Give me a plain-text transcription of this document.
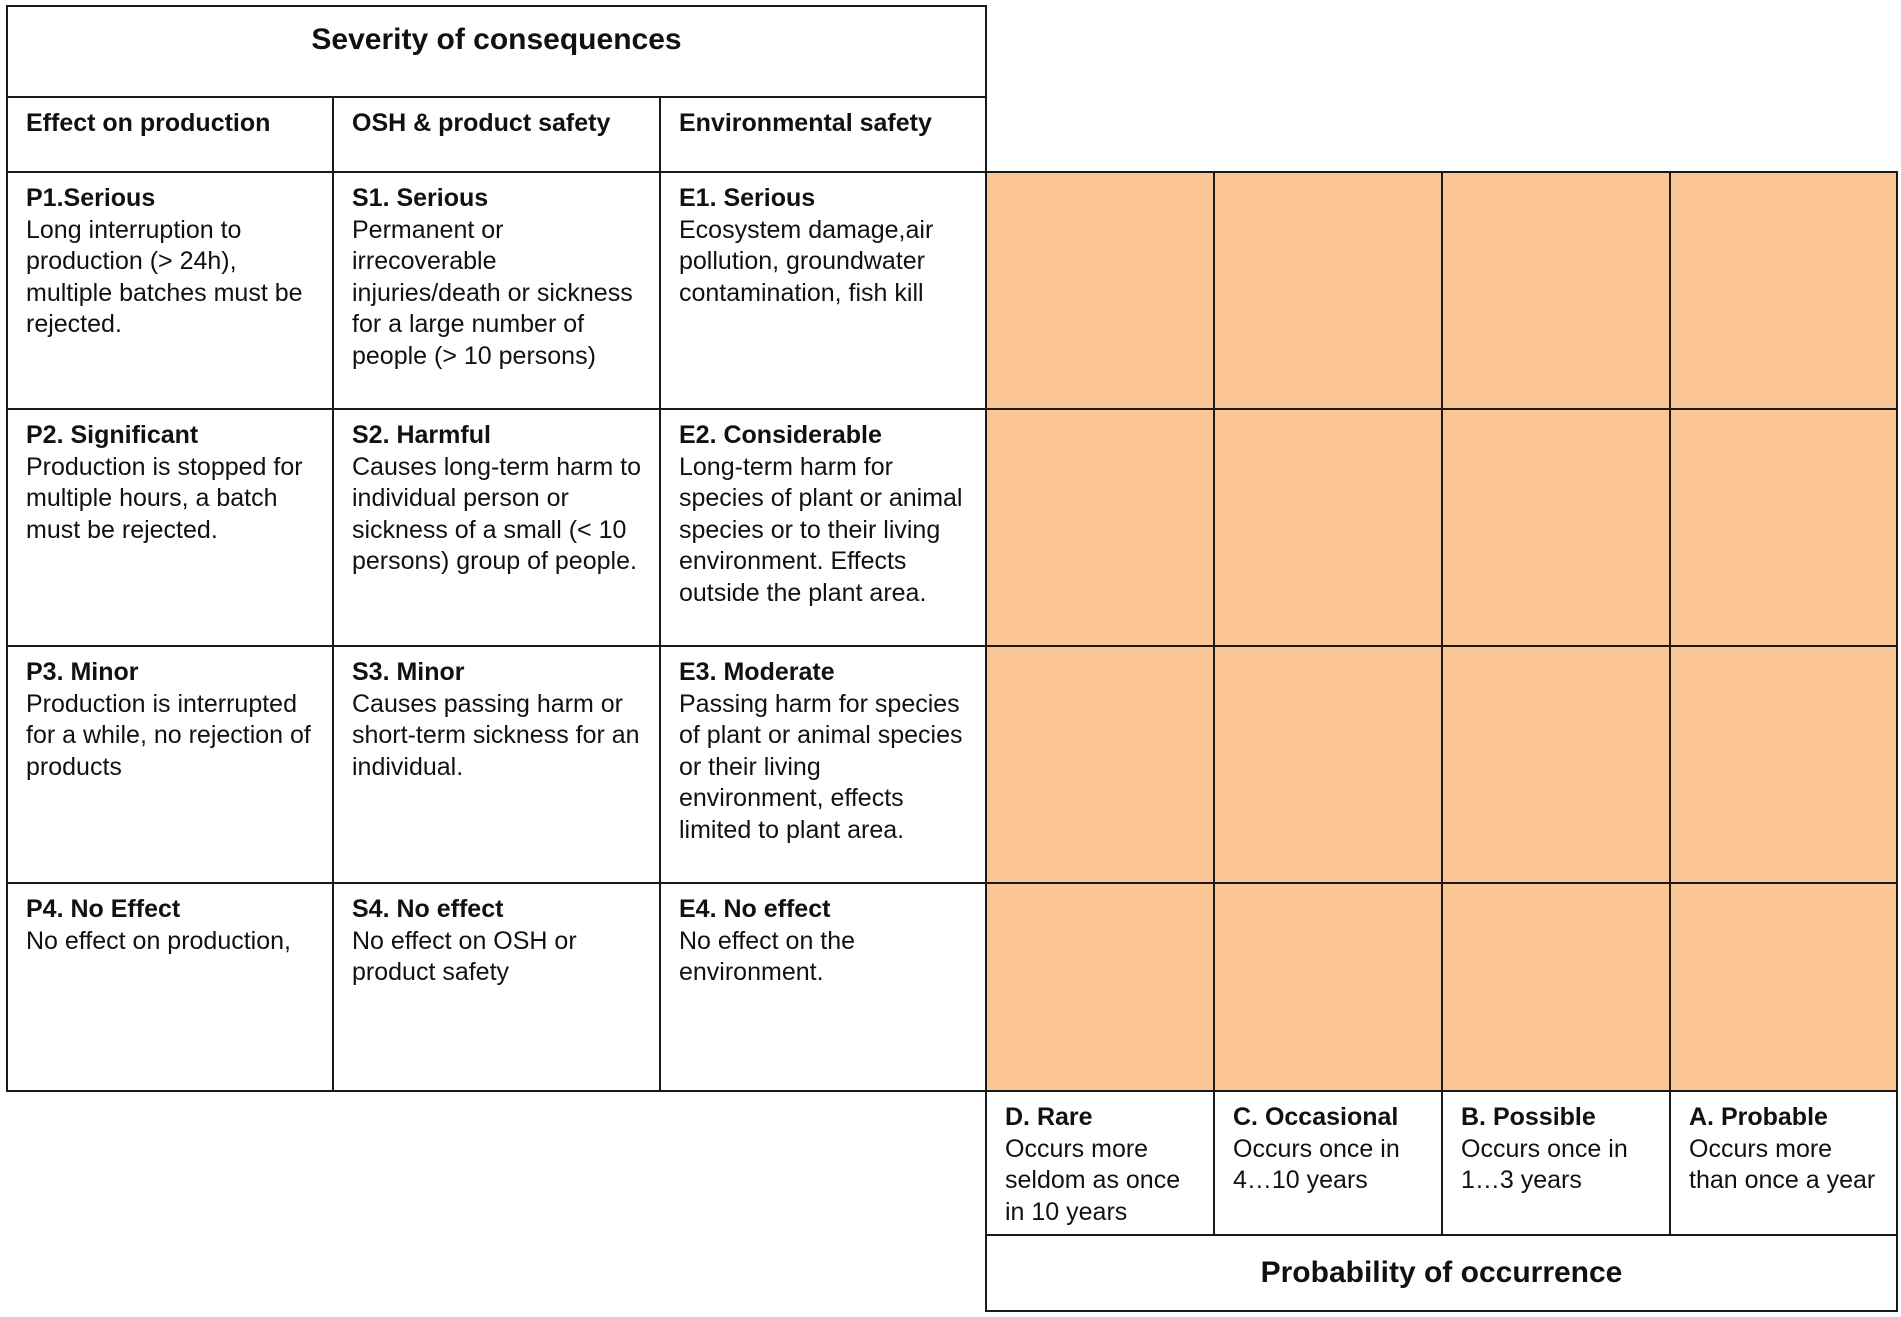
Severity of consequences
Effect on production	OSH & product safety	Environmental safety
P1.Serious
Long interruption to production (> 24h), multiple batches must be rejected.
S1. Serious
Permanent or irrecoverable injuries/death or sickness for a large number of people (> 10 persons)
E1. Serious
Ecosystem damage,air pollution, groundwater contamination, fish kill
P2. Significant
Production is stopped for multiple hours, a batch must be rejected.
S2. Harmful
Causes long-term harm to individual person or sickness of a small (< 10 persons) group of people.
E2. Considerable
Long-term harm for species of plant or animal species or to their living environment. Effects outside the plant area.
P3. Minor
Production is interrupted for a while, no rejection of products
S3. Minor
Causes passing harm or short-term sickness for an individual.
E3. Moderate
Passing harm for species of plant or animal species or their living environment, effects limited to plant area.
P4. No Effect
No effect on production,
S4. No effect
No effect on OSH or product safety
E4. No effect
No effect on the environment.
D. Rare
Occurs more seldom as once in 10 years
C. Occasional
Occurs once in 4…10 years
B. Possible
Occurs once in 1…3 years
A. Probable
Occurs more than once a year
Probability of occurrence
